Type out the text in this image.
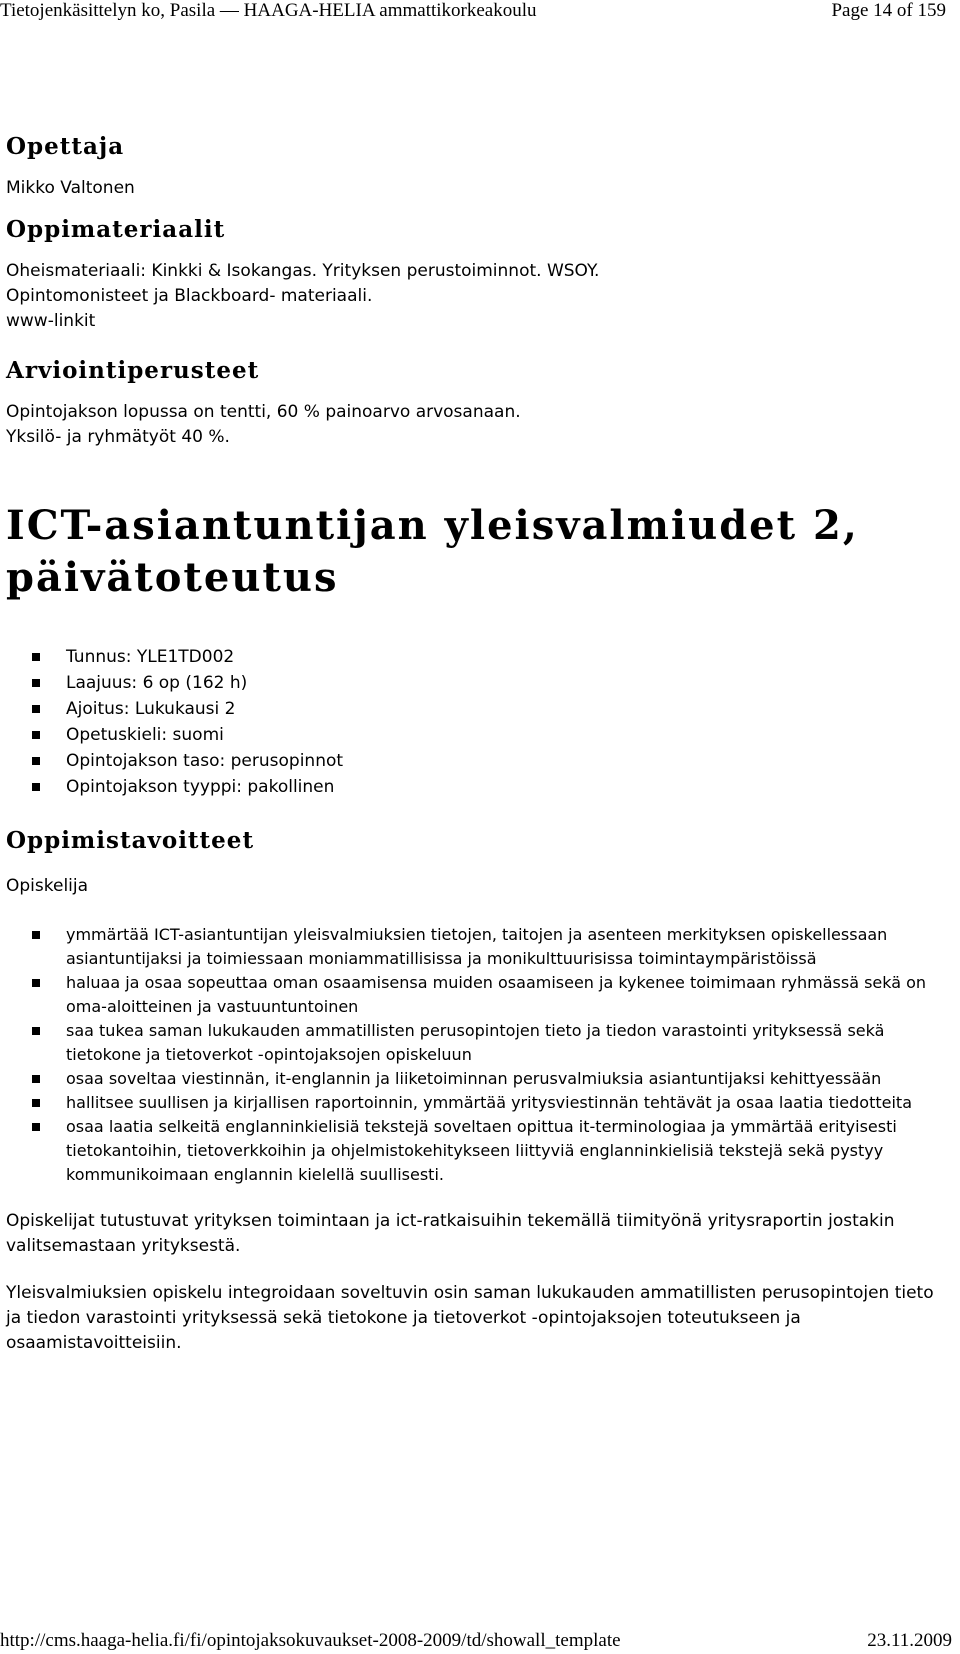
Tietojenkäsittelyn ko, Pasila — HAAGA-HELIA ammattikorkeakoulu	Page 14 of 159
Opettaja

Mikko Valtonen

Oppimateriaalit

Oheismateriaali: Kinkki & Isokangas. Yrityksen perustoiminnot. WSOY.

Opintomonisteet ja Blackboard- materiaali.

www-linkit

Arviointiperusteet

Opintojakson lopussa on tentti, 60 % painoarvo arvosanaan.

Yksilö- ja ryhmätyöt 40 %.

ICT-asiantuntijan yleisvalmiudet 2,
päivätoteutus
Tunnus: YLE1TD002
Laajuus: 6 op (162 h)
Ajoitus: Lukukausi 2
Opetuskieli: suomi
Opintojakson taso: perusopinnot
Opintojakson tyyppi: pakollinen
Oppimistavoitteet

Opiskelija

ymmärtää ICT-asiantuntijan yleisvalmiuksien tietojen, taitojen ja asenteen merkityksen opiskellessaan asiantuntijaksi ja toimiessaan moniammatillisissa ja monikulttuurisissa toimintaympäristöissä
haluaa ja osaa sopeuttaa oman osaamisensa muiden osaamiseen ja kykenee toimimaan ryhmässä sekä on oma-aloitteinen ja vastuuntuntoinen
saa tukea saman lukukauden ammatillisten perusopintojen tieto ja tiedon varastointi yrityksessä sekä tietokone ja tietoverkot -opintojaksojen opiskeluun
osaa soveltaa viestinnän, it-englannin ja liiketoiminnan perusvalmiuksia asiantuntijaksi kehittyessään
hallitsee suullisen ja kirjallisen raportoinnin, ymmärtää yritysviestinnän tehtävät ja osaa laatia tiedotteita
osaa laatia selkeitä englanninkielisiä tekstejä soveltaen opittua it-terminologiaa ja ymmärtää erityisesti tietokantoihin, tietoverkkoihin ja ohjelmistokehitykseen liittyviä englanninkielisiä tekstejä sekä pystyy kommunikoimaan englannin kielellä suullisesti.

Opiskelijat tutustuvat yrityksen toimintaan ja ict-ratkaisuihin tekemällä tiimityönä yritysraportin jostakin valitsemastaan yrityksestä.

Yleisvalmiuksien opiskelu integroidaan soveltuvin osin saman lukukauden ammatillisten perusopintojen tieto ja tiedon varastointi yrityksessä sekä tietokone ja tietoverkot -opintojaksojen toteutukseen ja osaamistavoitteisiin.

http://cms.haaga-helia.fi/fi/opintojaksokuvaukset-2008-2009/td/showall_template	23.11.2009
